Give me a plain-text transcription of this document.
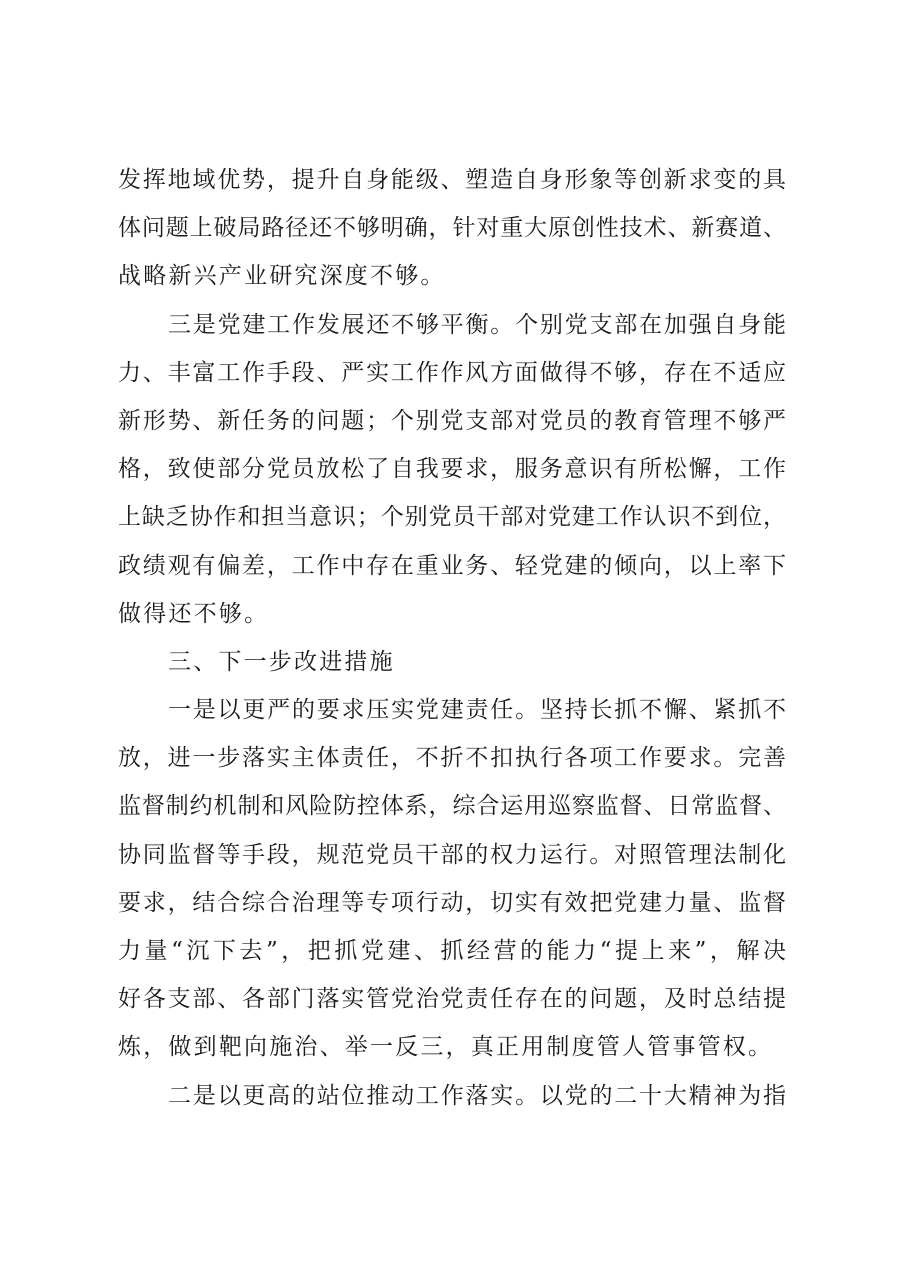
发挥地域优势，提升自身能级、塑造自身形象等创新求变的具
体问题上破局路径还不够明确，针对重大原创性技术、新赛道、
战略新兴产业研究深度不够。
三是党建工作发展还不够平衡。个别党支部在加强自身能
力、丰富工作手段、严实工作作风方面做得不够，存在不适应
新形势、新任务的问题；个别党支部对党员的教育管理不够严
格，致使部分党员放松了自我要求，服务意识有所松懈，工作
上缺乏协作和担当意识；个别党员干部对党建工作认识不到位，
政绩观有偏差，工作中存在重业务、轻党建的倾向，以上率下
做得还不够。
三、下一步改进措施
一是以更严的要求压实党建责任。坚持长抓不懈、紧抓不
放，进一步落实主体责任，不折不扣执行各项工作要求。完善
监督制约机制和风险防控体系，综合运用巡察监督、日常监督、
协同监督等手段，规范党员干部的权力运行。对照管理法制化
要求，结合综合治理等专项行动，切实有效把党建力量、监督
力量“沉下去”，把抓党建、抓经营的能力“提上来”，解决
好各支部、各部门落实管党治党责任存在的问题，及时总结提
炼，做到靶向施治、举一反三，真正用制度管人管事管权。
二是以更高的站位推动工作落实。以党的二十大精神为指
